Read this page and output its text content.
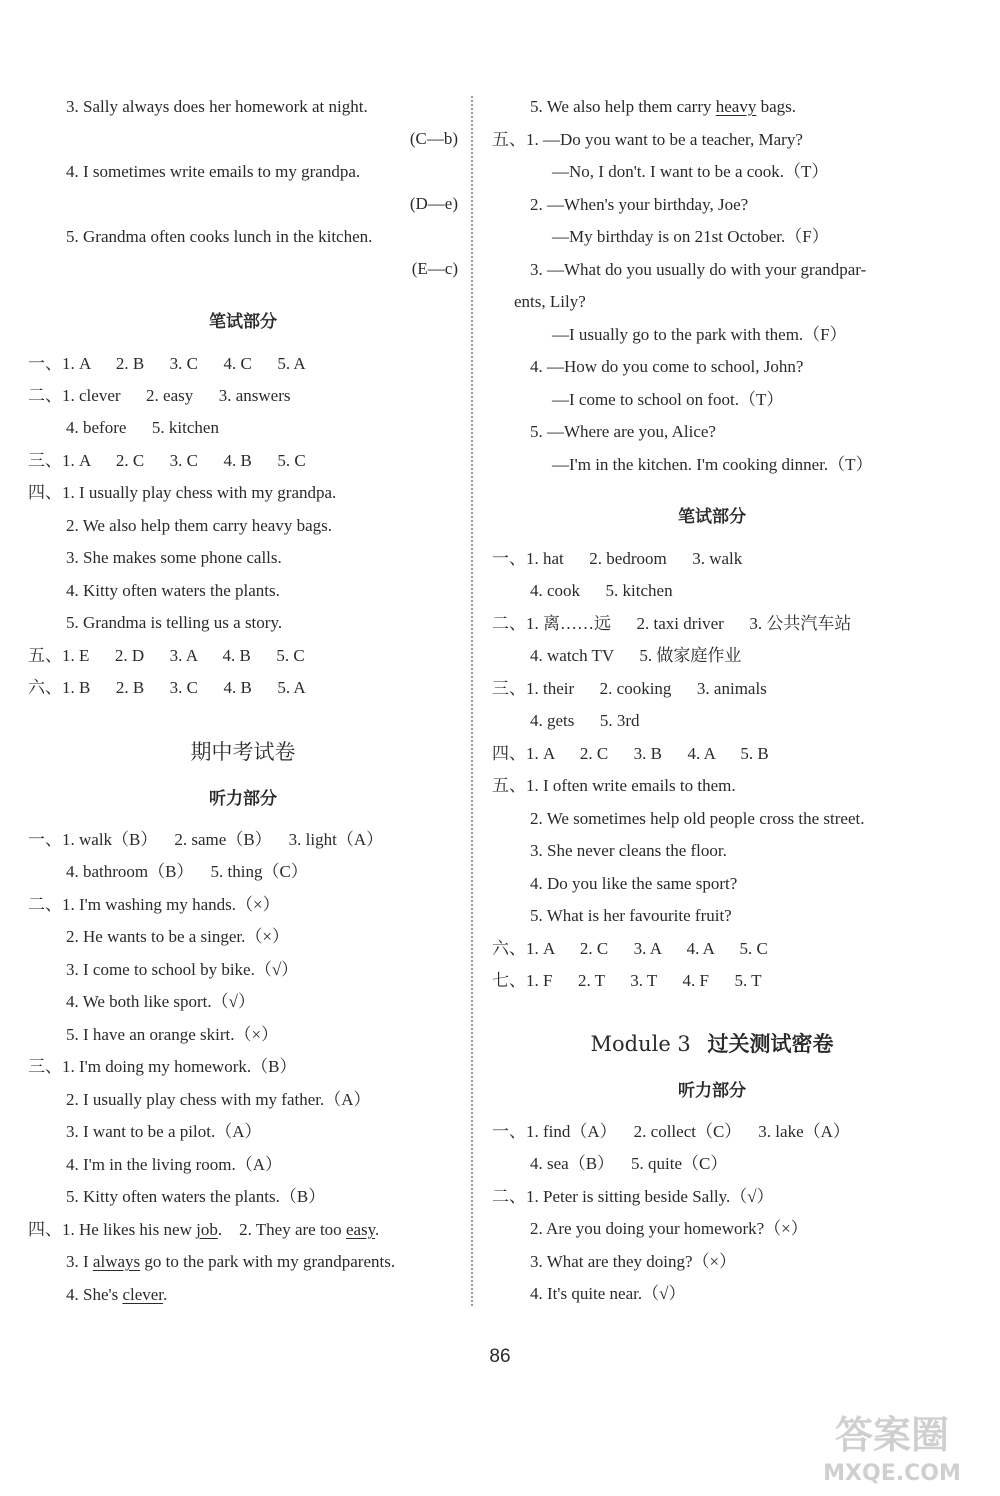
3. Sally always does her homework at night.
(C—b)
4. I sometimes write emails to my grandpa.
(D—e)
5. Grandma often cooks lunch in the kitchen.
(E—c)
笔试部分
一、1. A      2. B      3. C      4. C      5. A
二、1. clever      2. easy      3. answers
4. before      5. kitchen
三、1. A      2. C      3. C      4. B      5. C
四、1. I usually play chess with my grandpa.
2. We also help them carry heavy bags.
3. She makes some phone calls.
4. Kitty often waters the plants.
5. Grandma is telling us a story.
五、1. E      2. D      3. A      4. B      5. C
六、1. B      2. B      3. C      4. B      5. A
期中考试卷
听力部分
一、1. walk（B）    2. same（B）    3. light（A）
4. bathroom（B）    5. thing（C）
二、1. I'm washing my hands.（×）
2. He wants to be a singer.（×）
3. I come to school by bike.（√）
4. We both like sport.（√）
5. I have an orange skirt.（×）
三、1. I'm doing my homework.（B）
2. I usually play chess with my father.（A）
3. I want to be a pilot.（A）
4. I'm in the living room.（A）
5. Kitty often waters the plants.（B）
四、1. He likes his new job.    2. They are too easy.
3. I always go to the park with my grandparents.
4. She's clever.
5. We also help them carry heavy bags.
五、1. —Do you want to be a teacher, Mary?
—No, I don't. I want to be a cook.（T）
2. —When's your birthday, Joe?
—My birthday is on 21st October.（F）
3. —What do you usually do with your grandpar-
ents, Lily?
—I usually go to the park with them.（F）
4. —How do you come to school, John?
—I come to school on foot.（T）
5. —Where are you, Alice?
—I'm in the kitchen. I'm cooking dinner.（T）
笔试部分
一、1. hat      2. bedroom      3. walk
4. cook      5. kitchen
二、1. 离……远      2. taxi driver      3. 公共汽车站
4. watch TV      5. 做家庭作业
三、1. their      2. cooking      3. animals
4. gets      5. 3rd
四、1. A      2. C      3. B      4. A      5. B
五、1. I often write emails to them.
2. We sometimes help old people cross the street.
3. She never cleans the floor.
4. Do you like the same sport?
5. What is her favourite fruit?
六、1. A      2. C      3. A      4. A      5. C
七、1. F      2. T      3. T      4. F      5. T
Module 3 过关测试密卷
听力部分
一、1. find（A）    2. collect（C）    3. lake（A）
4. sea（B）    5. quite（C）
二、1. Peter is sitting beside Sally.（√）
2. Are you doing your homework?（×）
3. What are they doing?（×）
4. It's quite near.（√）
86
答案圈
MXQE.COM
